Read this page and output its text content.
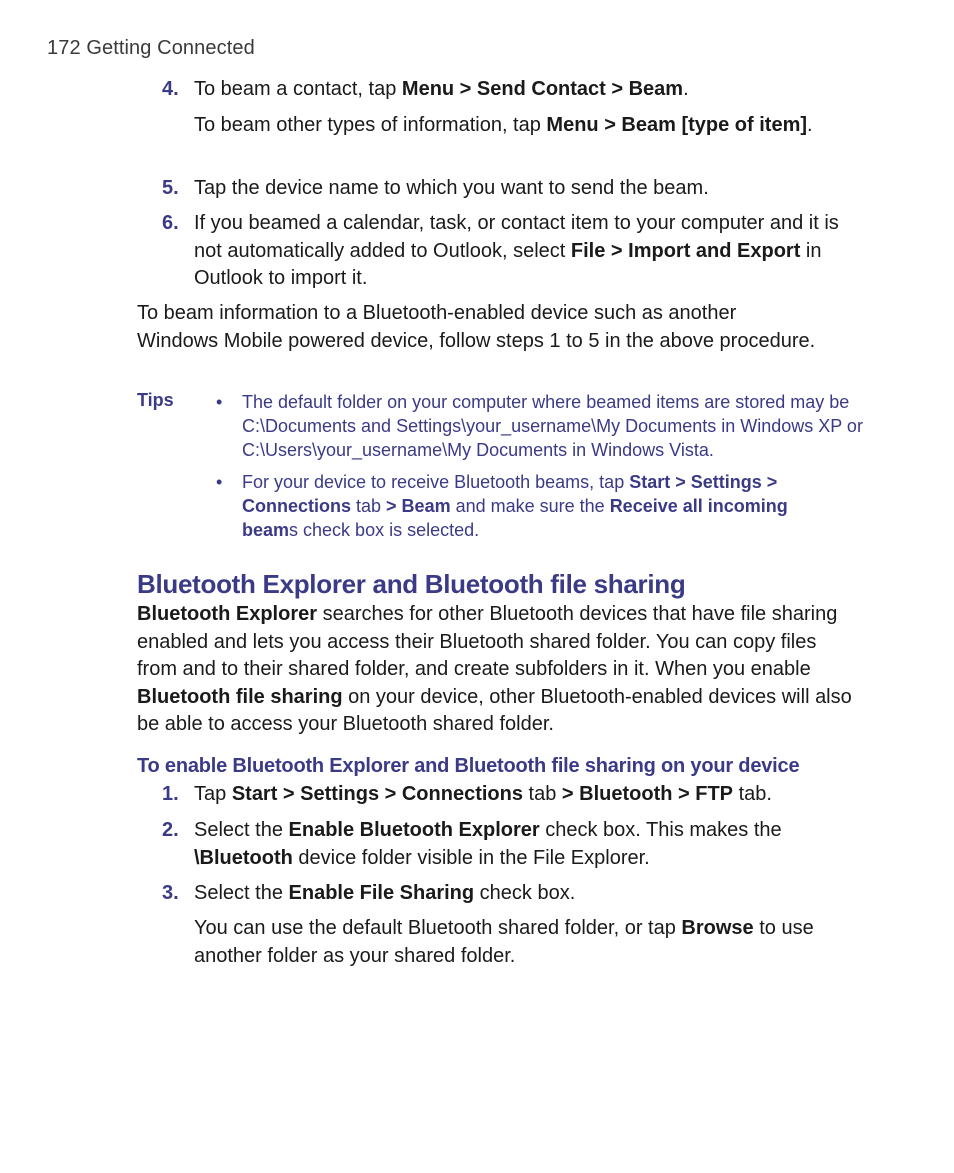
172 Getting Connected
4. To beam a contact, tap Menu > Send Contact > Beam.
To beam other types of information, tap Menu > Beam [type of item].
5. Tap the device name to which you want to send the beam.
6. If you beamed a calendar, task, or contact item to your computer and it is not automatically added to Outlook, select File > Import and Export in Outlook to import it.
To beam information to a Bluetooth-enabled device such as another Windows Mobile powered device, follow steps 1 to 5 in the above procedure.
Tips •	The default folder on your computer where beamed items are stored may be C:\Documents and Settings\your_username\My Documents in Windows XP or C:\Users\your_username\My Documents in Windows Vista.
•	For your device to receive Bluetooth beams, tap Start > Settings > Connections tab > Beam and make sure the Receive all incoming beams check box is selected.
Bluetooth Explorer and Bluetooth file sharing
Bluetooth Explorer searches for other Bluetooth devices that have file sharing enabled and lets you access their Bluetooth shared folder. You can copy files from and to their shared folder, and create subfolders in it. When you enable Bluetooth file sharing on your device, other Bluetooth-enabled devices will also be able to access your Bluetooth shared folder.
To enable Bluetooth Explorer and Bluetooth file sharing on your device
1. Tap Start > Settings > Connections tab > Bluetooth > FTP tab.
2. Select the Enable Bluetooth Explorer check box. This makes the \Bluetooth device folder visible in the File Explorer.
3. Select the Enable File Sharing check box.
You can use the default Bluetooth shared folder, or tap Browse to use another folder as your shared folder.
